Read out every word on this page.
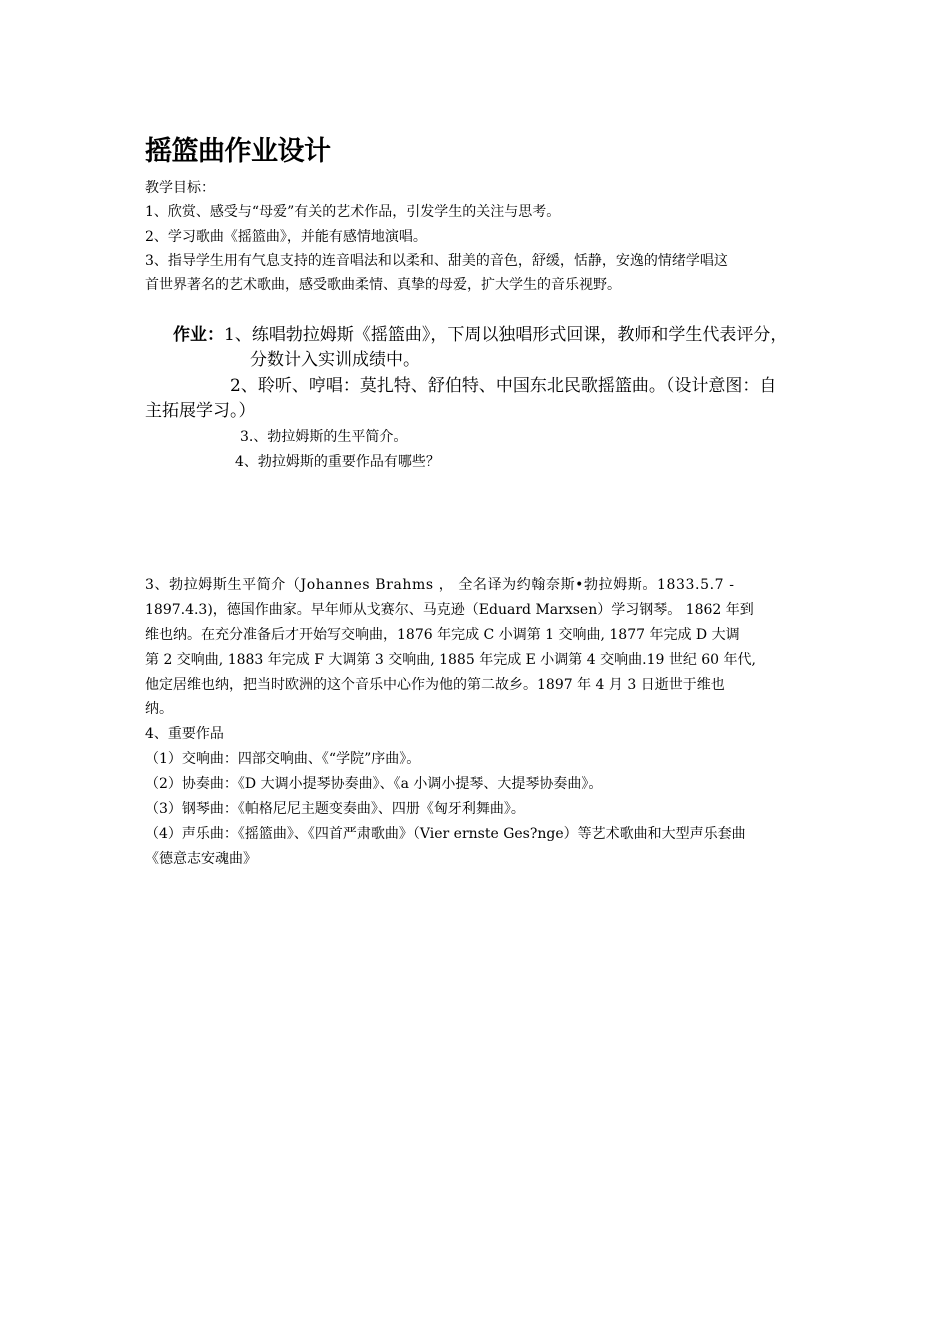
摇篮曲作业设计

教学目标：

1、欣赏、感受与“母爱”有关的艺术作品，引发学生的关注与思考。

2、学习歌曲《摇篮曲》，并能有感情地演唱。

3、指导学生用有气息支持的连音唱法和以柔和、甜美的音色，舒缓，恬静，安逸的情绪学唱这

首世界著名的艺术歌曲，感受歌曲柔情、真挚的母爱，扩大学生的音乐视野。

作业：1、练唱勃拉姆斯《摇篮曲》，下周以独唱形式回课，教师和学生代表评分，

分数计入实训成绩中。

2、聆听、哼唱：莫扎特、舒伯特、中国东北民歌摇篮曲。（设计意图：自

主拓展学习。）

3.、勃拉姆斯的生平简介。

4、勃拉姆斯的重要作品有哪些？

3、勃拉姆斯生平简介（Johannes Brahms ， 全名译为约翰奈斯•勃拉姆斯。1833.5.7 -

1897.4.3)，德国作曲家。早年师从戈赛尔、马克逊（Eduard Marxsen）学习钢琴。 1862 年到

维也纳。在充分准备后才开始写交响曲，1876 年完成 C 小调第 1 交响曲, 1877 年完成 D 大调

第 2 交响曲, 1883 年完成 F 大调第 3 交响曲, 1885 年完成 E 小调第 4 交响曲.19 世纪 60 年代,

他定居维也纳，把当时欧洲的这个音乐中心作为他的第二故乡。1897 年 4 月 3 日逝世于维也

纳。

4、重要作品

（1）交响曲：四部交响曲、《“学院”序曲》。

（2）协奏曲：《D 大调小提琴协奏曲》、《a 小调小提琴、大提琴协奏曲》。

（3）钢琴曲：《帕格尼尼主题变奏曲》、四册《匈牙利舞曲》。

（4）声乐曲：《摇篮曲》、《四首严肃歌曲》（Vier ernste Ges?nge）等艺术歌曲和大型声乐套曲

《德意志安魂曲》
